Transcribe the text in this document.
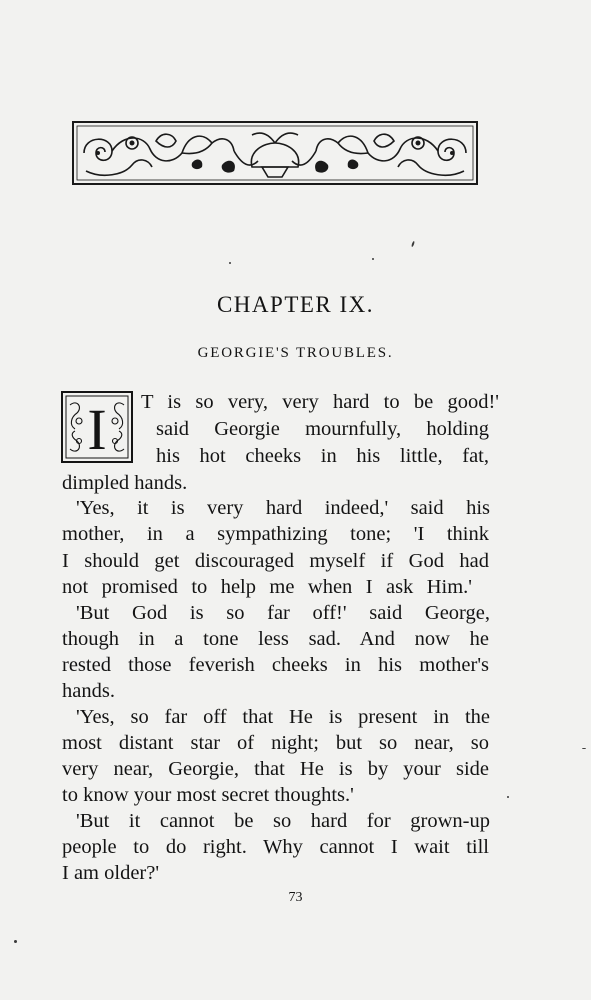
CHAPTER IX.
GEORGIE'S TROUBLES.
I T is so very, very hard to be good!'
said Georgie mournfully, holding
his hot cheeks in his little, fat,
dimpled hands.
'Yes, it is very hard indeed,' said his
mother, in a sympathizing tone; 'I think
I should get discouraged myself if God had
not promised to help me when I ask Him.'
'But God is so far off!' said George,
though in a tone less sad. And now he
rested those feverish cheeks in his mother's
hands.
'Yes, so far off that He is present in the
most distant star of night; but so near, so
very near, Georgie, that He is by your side
to know your most secret thoughts.'
'But it cannot be so hard for grown-up
people to do right. Why cannot I wait till
I am older?'
73
